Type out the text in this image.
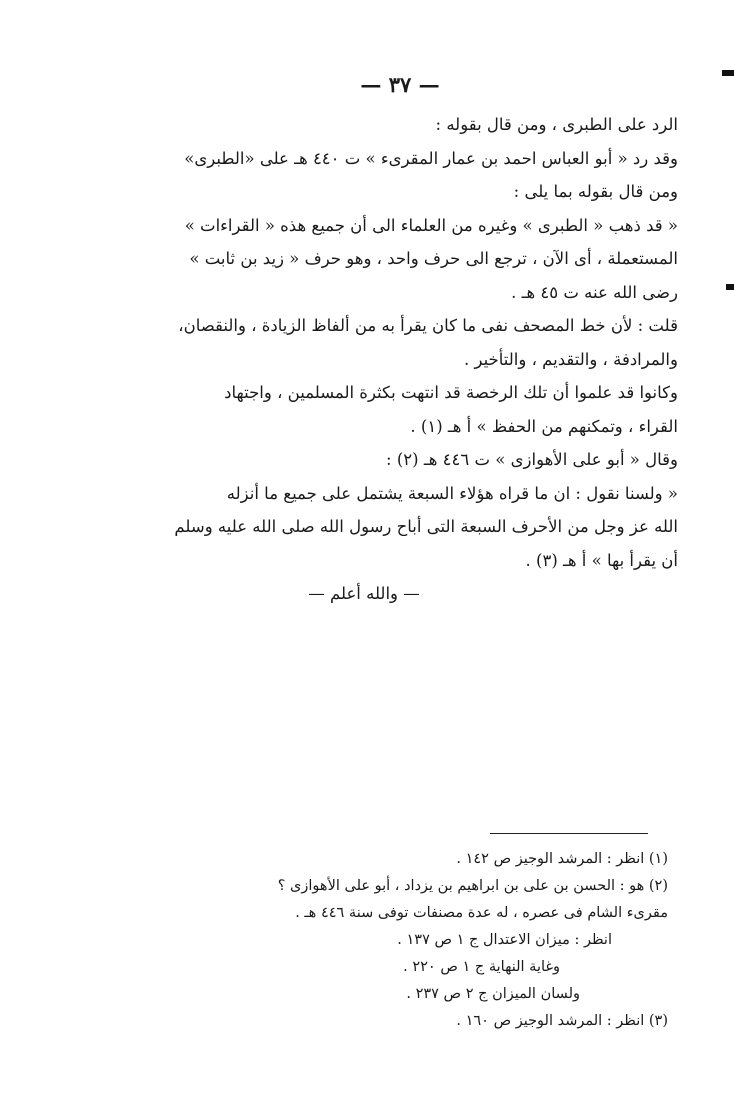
— ٣٧ —

الرد على الطبرى ، ومن قال بقوله :

وقد رد « أبو العباس احمد بن عمار المقرىء » ت ٤٤٠ هـ على «الطبرى»

ومن قال بقوله بما يلى :

« قد ذهب « الطبرى » وغيره من العلماء الى أن جميع هذه « القراءات »

المستعملة ، أى الآن ، ترجع الى حرف واحد ، وهو حرف « زيد بن ثابت »

رضى الله عنه ت ٤٥ هـ .

قلت : لأن خط المصحف نفى ما كان يقرأ به من ألفاظ الزيادة ، والنقصان،

والمرادفة ، والتقديم ، والتأخير .

وكانوا قد علموا أن تلك الرخصة قد انتهت بكثرة المسلمين ، واجتهاد

القراء ، وتمكنهم من الحفظ » أ هـ (١) .

وقال « أبو على الأهوازى » ت ٤٤٦ هـ (٢) :

« ولسنا نقول : ان ما قراه هؤلاء السبعة يشتمل على جميع ما أنزله

الله عز وجل من الأحرف السبعة التى أباح رسول الله صلى الله عليه وسلم

أن يقرأ بها » أ هـ (٣) .

— والله أعلم —

(١) انظر : المرشد الوجيز ص ١٤٢ .

(٢) هو : الحسن بن على بن ابراهيم بن يزداد ، أبو على الأهوازى ؟

مقرىء الشام فى عصره ، له عدة مصنفات توفى سنة ٤٤٦ هـ .

انظر : ميزان الاعتدال ج ١ ص ١٣٧ .

وغاية النهاية ج ١ ص ٢٢٠ .

ولسان الميزان ج ٢ ص ٢٣٧ .

(٣) انظر : المرشد الوجيز ص ١٦٠ .
